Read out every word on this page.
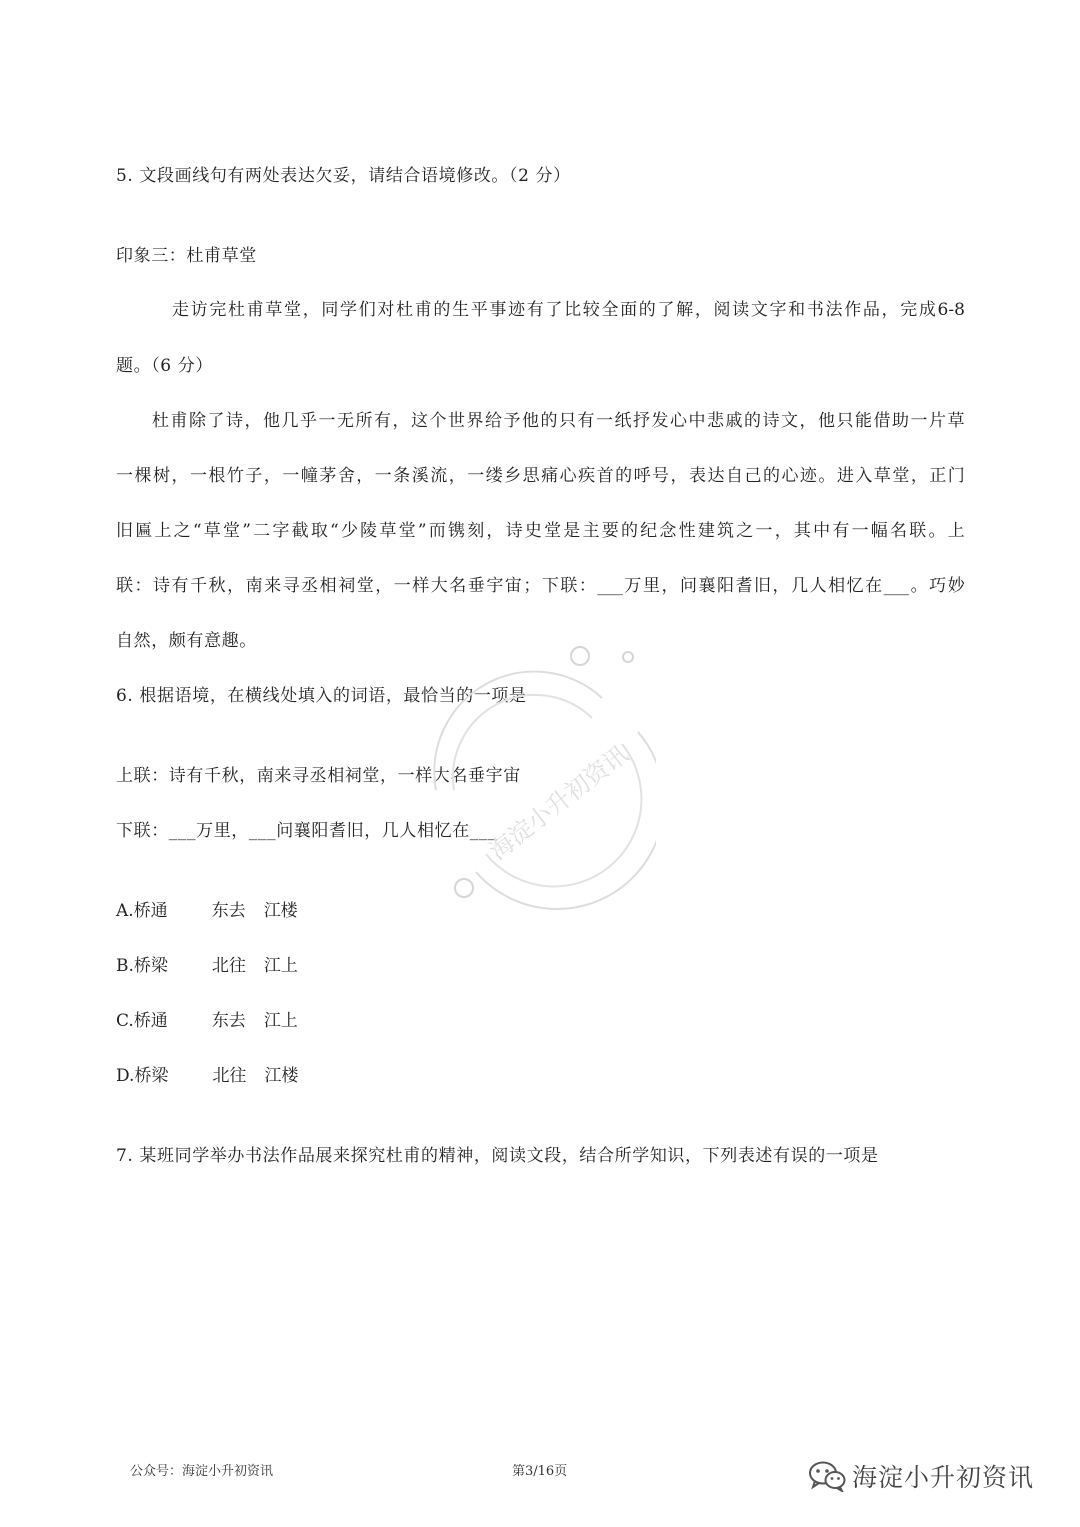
5. 文段画线句有两处表达欠妥，请结合语境修改。（2 分）
印象三：杜甫草堂
走 访 完 杜 甫 草 堂 ， 同 学 们 对 杜 甫 的 生 平 事 迹 有 了 比 较 全 面 的 了 解 ， 阅 读 文 字 和 书 法 作 品 ， 完 成 6-8
题。（6 分）
杜 甫 除 了 诗 ， 他 几 乎 一 无 所 有 ， 这 个 世 界 给 予 他 的 只 有 一 纸 抒 发 心 中 悲 戚 的 诗 文 ， 他 只 能 借 助 一 片 草
一 棵 树 ， 一 根 竹 子 ， 一 幢 茅 舍 ， 一 条 溪 流 ， 一 缕 乡 思 痛 心 疾 首 的 呼 号 ， 表 达 自 己 的 心 迹 。 进 入 草 堂 ， 正 门
旧 匾 上 之 “ 草 堂 ” 二 字 截 取 “ 少 陵 草 堂 ” 而 镌 刻 ， 诗 史 堂 是 主 要 的 纪 念 性 建 筑 之 一 ， 其 中 有 一 幅 名 联 。 上
联 ： 诗 有 千 秋 ， 南 来 寻 丞 相 祠 堂 ， 一 样 大 名 垂 宇 宙 ； 下 联 ： ___ 万 里 ， 问 襄 阳 耆 旧 ， 几 人 相 忆 在 ___ 。 巧 妙
自然，颇有意趣。
6. 根据语境，在横线处填入的词语，最恰当的一项是
上联：诗有千秋，南来寻丞相祠堂，一样大名垂宇宙
下联：___万里，___问襄阳耆旧，几人相忆在___
A.桥通	东去 江楼
B.桥梁	北往 江上
C.桥通	东去 江上
D.桥梁	北往 江楼
7. 某班同学举办书法作品展来探究杜甫的精神，阅读文段，结合所学知识，下列表述有误的一项是
海淀小升初资讯
公众号：海淀小升初资讯	第3/16页	海淀小升初资讯
